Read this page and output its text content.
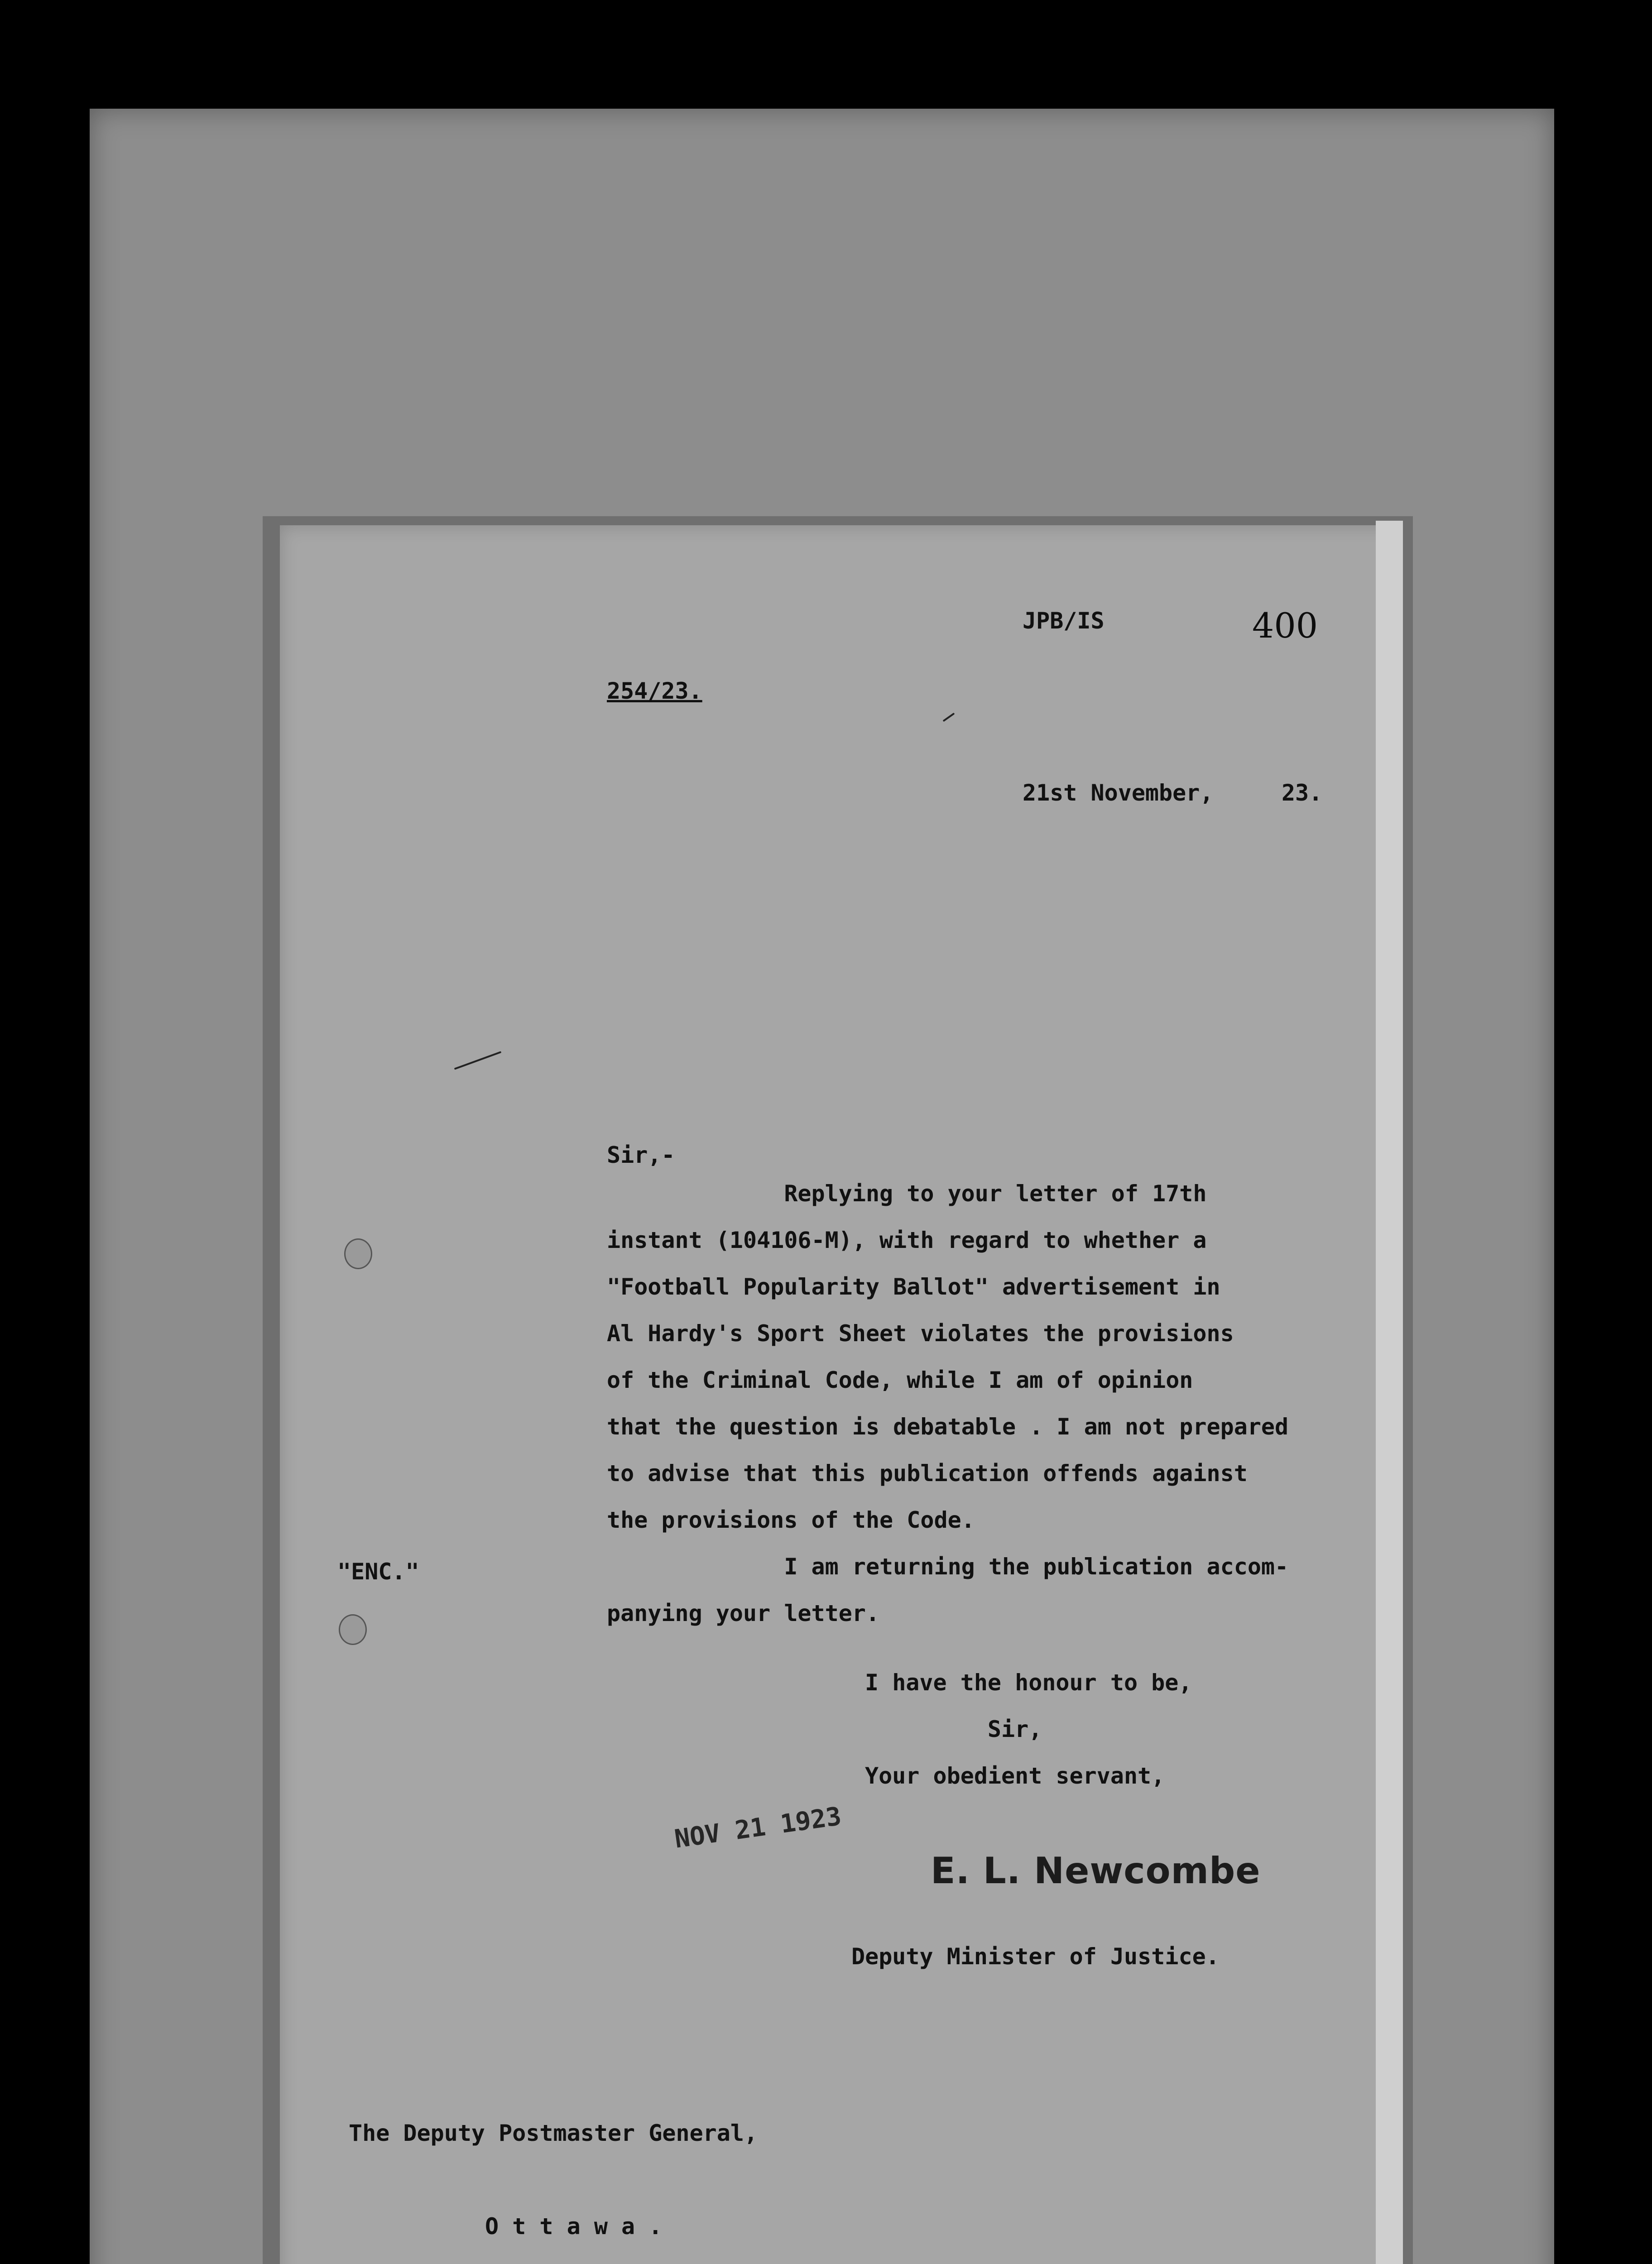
JPB/IS	400

254/23.

21st November,     23.

Sir,-

Replying to your letter of 17th
instant (104106-M), with regard to whether a
"Football Popularity Ballot" advertisement in
Al Hardy's Sport Sheet violates the provisions
of the Criminal Code, while I am of opinion
that the question is debatable . I am not prepared
to advise that this publication offends against
the provisions of the Code.
I am returning the publication accom-
panying your letter.

"ENC."

I have the honour to be,
Sir,
Your obedient servant,

NOV 21 1923

E. L. Newcombe

Deputy Minister of Justice.

The Deputy Postmaster General,

O t t a w a .
